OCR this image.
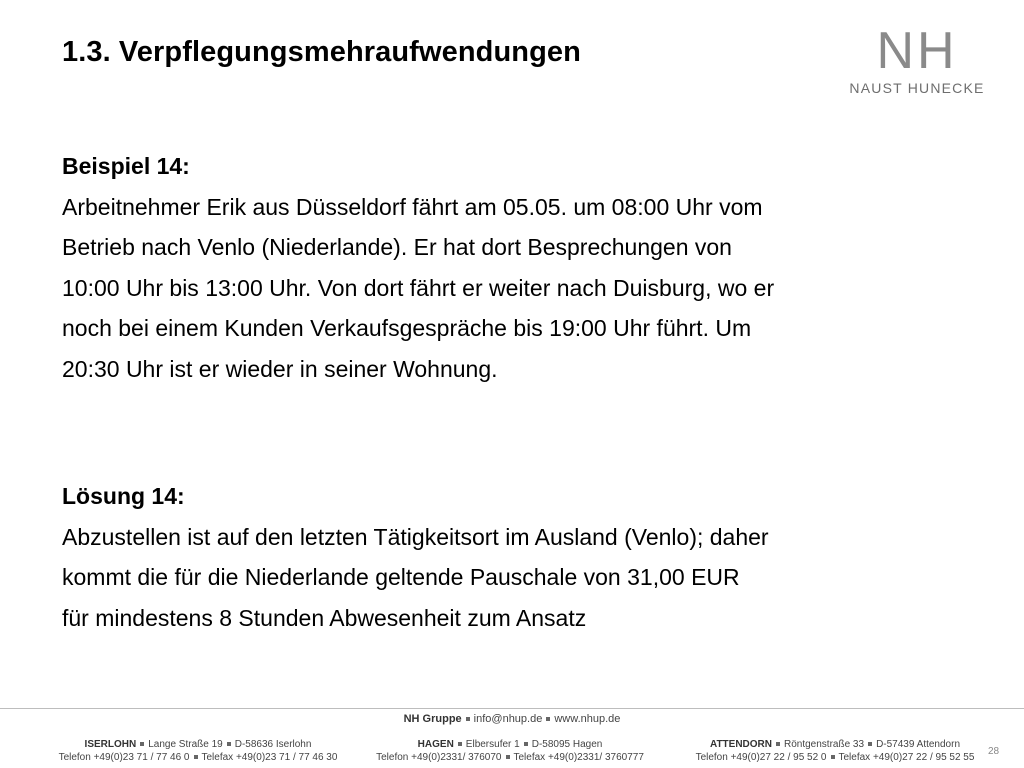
1.3. Verpflegungsmehraufwendungen	NH
NAUST HUNECKE

Beispiel 14:

Arbeitnehmer Erik aus Düsseldorf fährt am 05.05. um 08:00 Uhr vom

Betrieb nach Venlo (Niederlande). Er hat dort Besprechungen von

10:00 Uhr bis 13:00 Uhr. Von dort fährt er weiter nach Duisburg, wo er

noch bei einem Kunden Verkaufsgespräche bis 19:00 Uhr führt. Um

20:30 Uhr ist er wieder in seiner Wohnung.

Lösung 14:

Abzustellen ist auf den letzten Tätigkeitsort im Ausland (Venlo); daher

kommt die für die Niederlande geltende Pauschale von 31,00 EUR

für mindestens 8 Stunden Abwesenheit zum Ansatz

NH Gruppe info@nhup.de www.nhup.de
ISERLOHN Lange Straße 19 D-58636 Iserlohn
Telefon +49(0)23 71 / 77 46 0 Telefax +49(0)23 71 / 77 46 30
HAGEN Elbersufer 1 D-58095 Hagen
Telefon +49(0)2331/ 376070 Telefax +49(0)2331/ 3760777
ATTENDORN Röntgenstraße 33 D-57439 Attendorn
Telefon +49(0)27 22 / 95 52 0 Telefax +49(0)27 22 / 95 52 55
28
